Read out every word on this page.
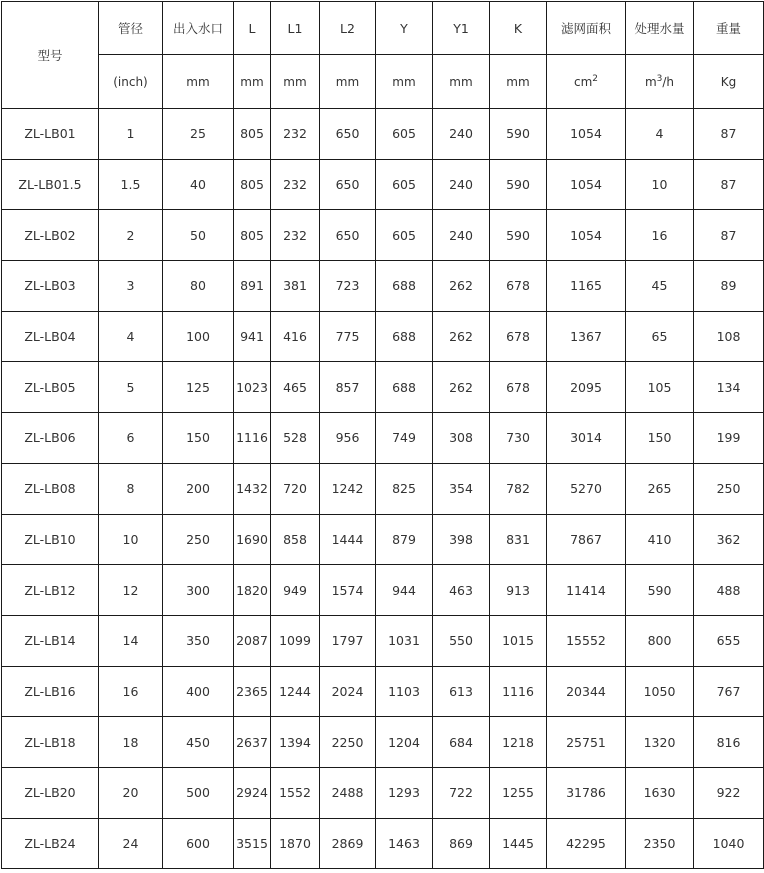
型号	管径	出入水口	L	L1	L2	Y	Y1	K	滤网面积	处理水量	重量
	(inch)	mm	mm	mm	mm	mm	mm	mm	$cm^2$	$m^3/h$	Kg
ZL-LB01	1	25	805	232	650	605	240	590	1054	4	87
ZL-LB01.5	1.5	40	805	232	650	605	240	590	1054	10	87
ZL-LB02	2	50	805	232	650	605	240	590	1054	16	87
ZL-LB03	3	80	891	381	723	688	262	678	1165	45	89
ZL-LB04	4	100	941	416	775	688	262	678	1367	65	108
ZL-LB05	5	125	1023	465	857	688	262	678	2095	105	134
ZL-LB06	6	150	1116	528	956	749	308	730	3014	150	199
ZL-LB08	8	200	1432	720	1242	825	354	782	5270	265	250
ZL-LB10	10	250	1690	858	1444	879	398	831	7867	410	362
ZL-LB12	12	300	1820	949	1574	944	463	913	11414	590	488
ZL-LB14	14	350	2087	1099	1797	1031	550	1015	15552	800	655
ZL-LB16	16	400	2365	1244	2024	1103	613	1116	20344	1050	767
ZL-LB18	18	450	2637	1394	2250	1204	684	1218	25751	1320	816
ZL-LB20	20	500	2924	1552	2488	1293	722	1255	31786	1630	922
ZL-LB24	24	600	3515	1870	2869	1463	869	1445	42295	2350	1040
